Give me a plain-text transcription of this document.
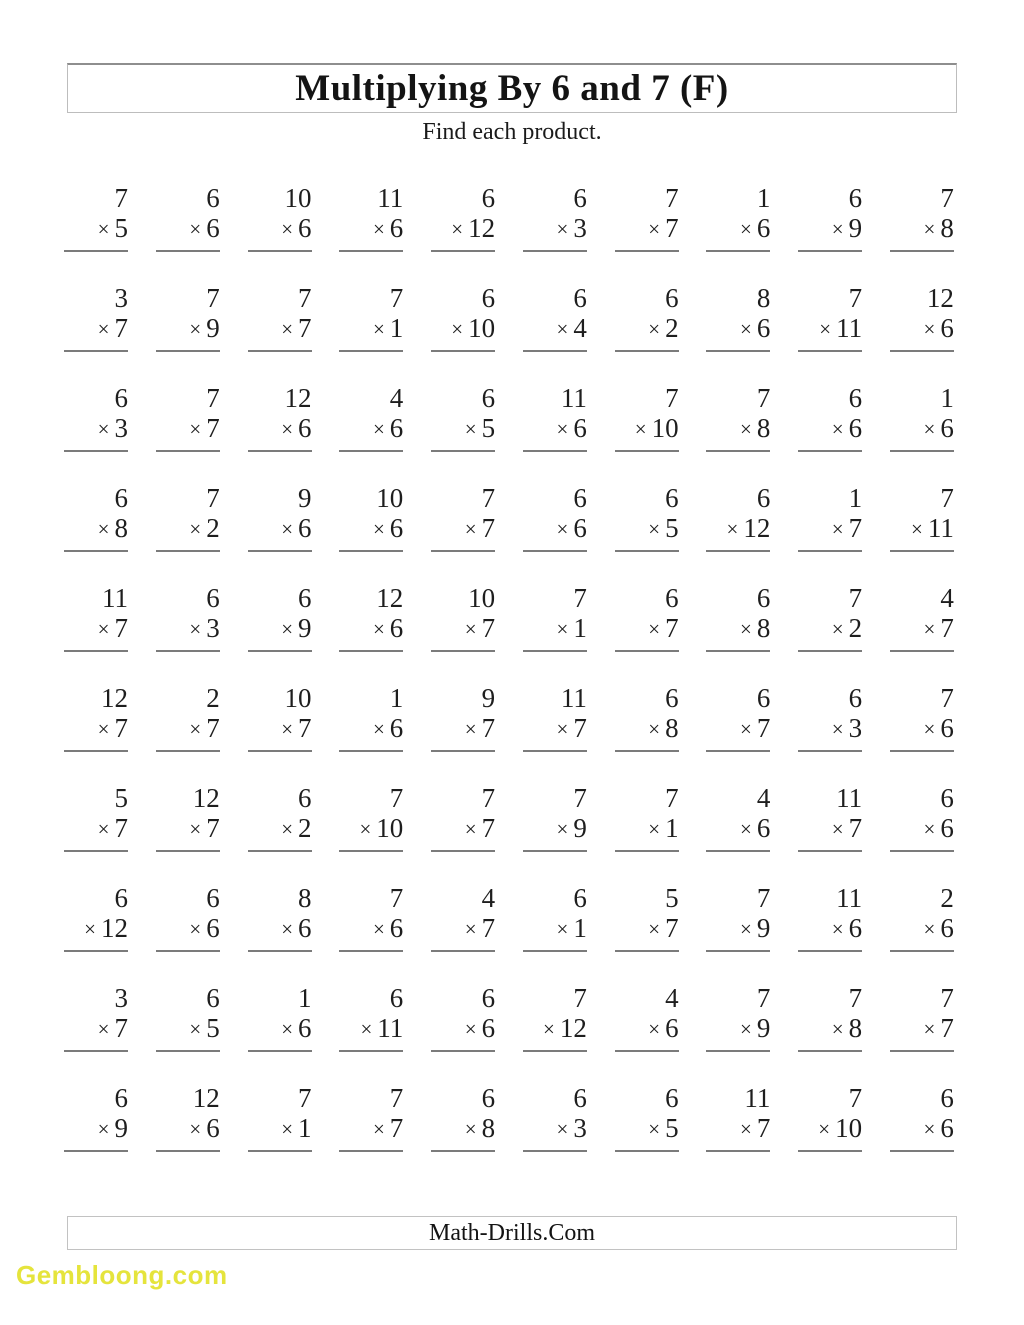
Multiplying By 6 and 7 (F)
Find each product.
7
× 5
6
× 6
10
× 6
11
× 6
6
× 12
6
× 3
7
× 7
1
× 6
6
× 9
7
× 8
3
× 7
7
× 9
7
× 7
7
× 1
6
× 10
6
× 4
6
× 2
8
× 6
7
× 11
12
× 6
6
× 3
7
× 7
12
× 6
4
× 6
6
× 5
11
× 6
7
× 10
7
× 8
6
× 6
1
× 6
6
× 8
7
× 2
9
× 6
10
× 6
7
× 7
6
× 6
6
× 5
6
× 12
1
× 7
7
× 11
11
× 7
6
× 3
6
× 9
12
× 6
10
× 7
7
× 1
6
× 7
6
× 8
7
× 2
4
× 7
12
× 7
2
× 7
10
× 7
1
× 6
9
× 7
11
× 7
6
× 8
6
× 7
6
× 3
7
× 6
5
× 7
12
× 7
6
× 2
7
× 10
7
× 7
7
× 9
7
× 1
4
× 6
11
× 7
6
× 6
6
× 12
6
× 6
8
× 6
7
× 6
4
× 7
6
× 1
5
× 7
7
× 9
11
× 6
2
× 6
3
× 7
6
× 5
1
× 6
6
× 11
6
× 6
7
× 12
4
× 6
7
× 9
7
× 8
7
× 7
6
× 9
12
× 6
7
× 1
7
× 7
6
× 8
6
× 3
6
× 5
11
× 7
7
× 10
6
× 6
Math-Drills.Com
Gembloong.com
